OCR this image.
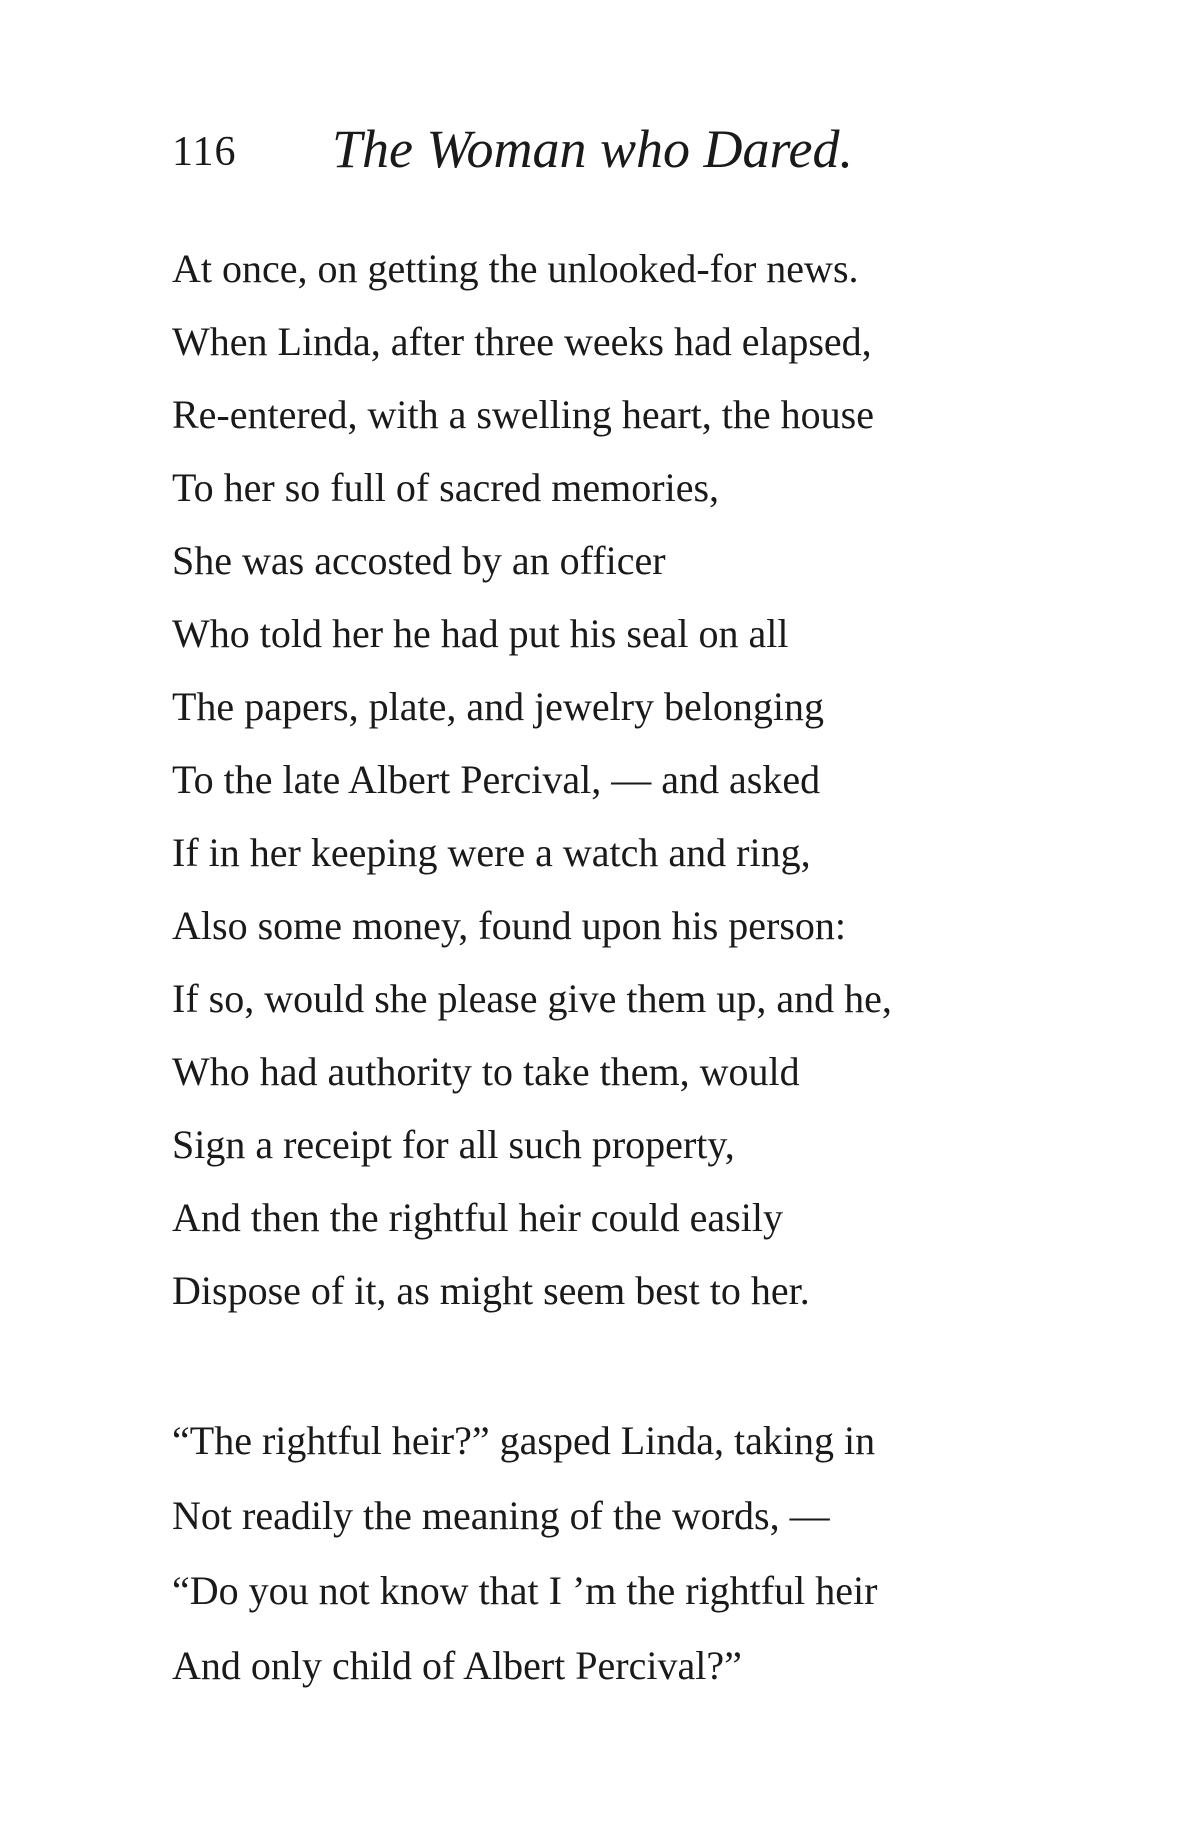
116 The Woman who Dared.
At once, on getting the unlooked-for news.
When Linda, after three weeks had elapsed,
Re-entered, with a swelling heart, the house
To her so full of sacred memories,
She was accosted by an officer
Who told her he had put his seal on all
The papers, plate, and jewelry belonging
To the late Albert Percival, — and asked
If in her keeping were a watch and ring,
Also some money, found upon his person:
If so, would she please give them up, and he,
Who had authority to take them, would
Sign a receipt for all such property,
And then the rightful heir could easily
Dispose of it, as might seem best to her.
“The rightful heir?” gasped Linda, taking in
Not readily the meaning of the words, —
“Do you not know that I ’m the rightful heir
And only child of Albert Percival?”
